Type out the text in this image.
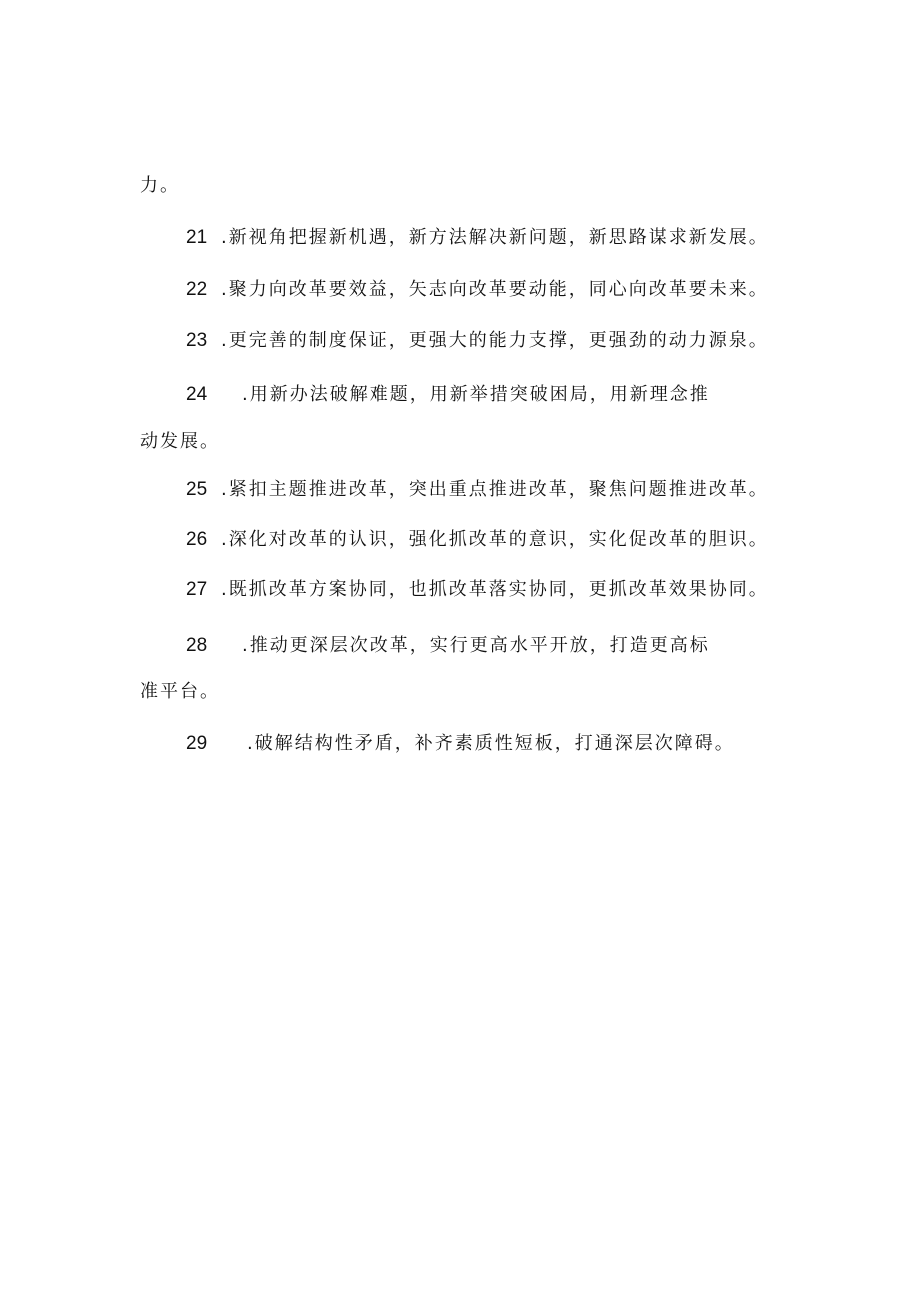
力。
21 .新视角把握新机遇，新方法解决新问题，新思路谋求新发展。
22 .聚力向改革要效益，矢志向改革要动能，同心向改革要未来。
23 .更完善的制度保证，更强大的能力支撑，更强劲的动力源泉。
24 .用新办法破解难题，用新举措突破困局，用新理念推
动发展。
25 .紧扣主题推进改革，突出重点推进改革，聚焦问题推进改革。
26 .深化对改革的认识，强化抓改革的意识，实化促改革的胆识。
27 .既抓改革方案协同，也抓改革落实协同，更抓改革效果协同。
28 .推动更深层次改革，实行更高水平开放，打造更高标
准平台。
29 .破解结构性矛盾，补齐素质性短板，打通深层次障碍。
